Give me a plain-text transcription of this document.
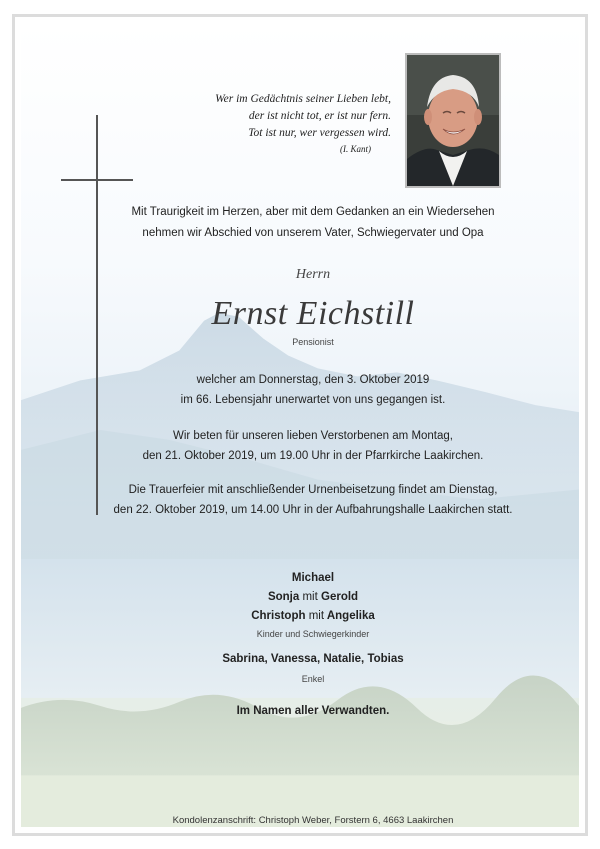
Wer im Gedächtnis seiner Lieben lebt,
der ist nicht tot, er ist nur fern.
Tot ist nur, wer vergessen wird.
(I. Kant)
Mit Traurigkeit im Herzen, aber mit dem Gedanken an ein Wiedersehen
nehmen wir Abschied von unserem Vater, Schwiegervater und Opa
Herrn
Ernst Eichstill
Pensionist
welcher am Donnerstag, den 3. Oktober 2019
im 66. Lebensjahr unerwartet von uns gegangen ist.
Wir beten für unseren lieben Verstorbenen am Montag,
den 21. Oktober 2019, um 19.00 Uhr in der Pfarrkirche Laakirchen.
Die Trauerfeier mit anschließender Urnenbeisetzung findet am Dienstag,
den 22. Oktober 2019, um 14.00 Uhr in der Aufbahrungshalle Laakirchen statt.
Michael
Sonja mit Gerold
Christoph mit Angelika
Kinder und Schwiegerkinder
Sabrina, Vanessa, Natalie, Tobias
Enkel
Im Namen aller Verwandten.
Kondolenzanschrift: Christoph Weber, Forstern 6, 4663 Laakirchen
